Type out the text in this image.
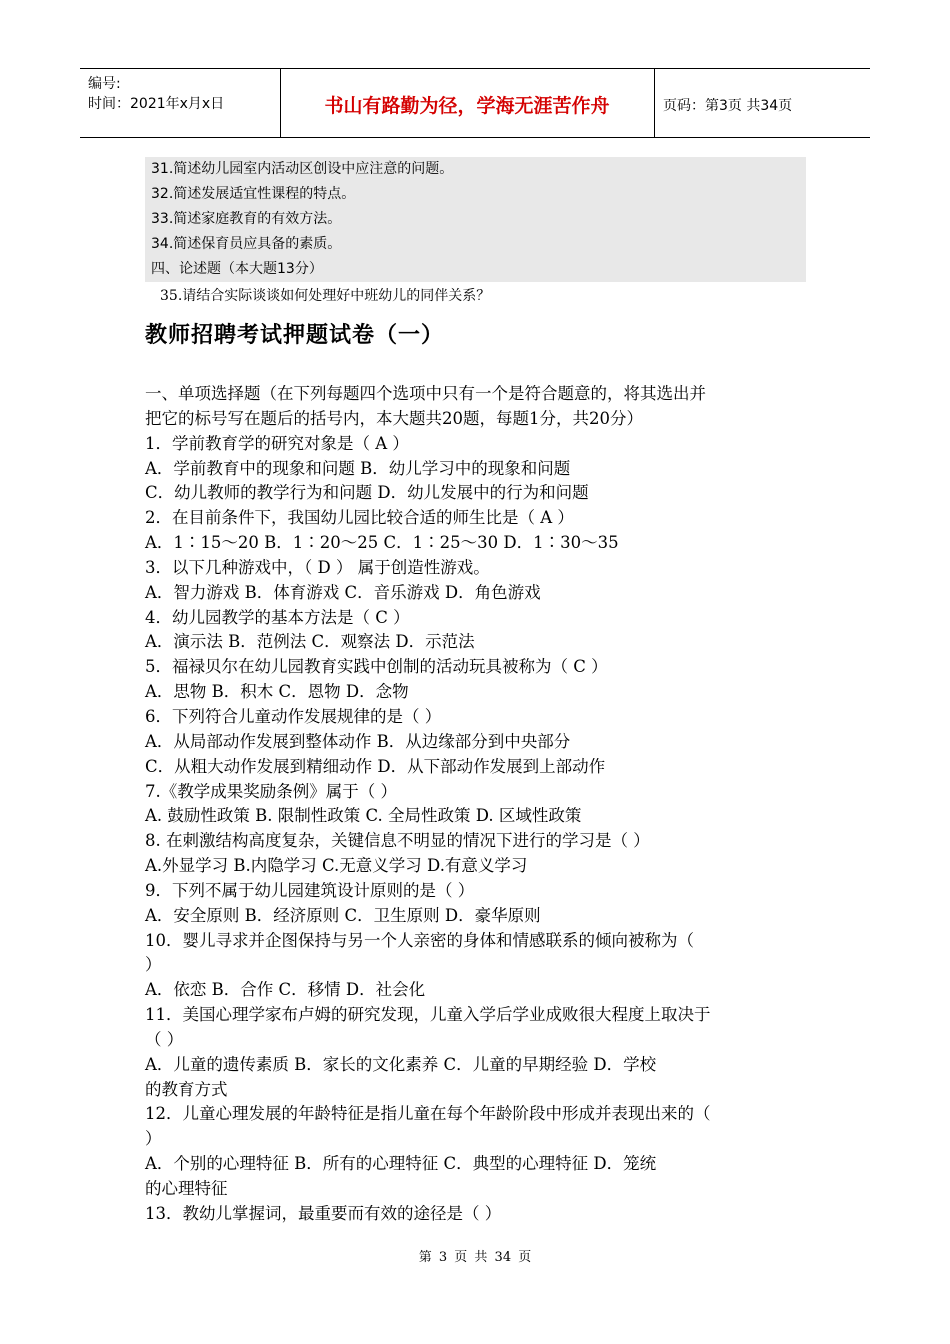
编号:
时间：2021年x月x日	书山有路勤为径，学海无涯苦作舟	页码：第3页 共34页
31.简述幼儿园室内活动区创设中应注意的问题。
32.简述发展适宜性课程的特点。
33.简述家庭教育的有效方法。
34.简述保育员应具备的素质。
四、论述题（本大题13分）
35.请结合实际谈谈如何处理好中班幼儿的同伴关系？
教师招聘考试押题试卷（一）
一、单项选择题（在下列每题四个选项中只有一个是符合题意的，将其选出并
把它的标号写在题后的括号内，本大题共20题，每题1分，共20分）
1．学前教育学的研究对象是（ A ）
A．学前教育中的现象和问题 B．幼儿学习中的现象和问题
C．幼儿教师的教学行为和问题 D．幼儿发展中的行为和问题
2．在目前条件下，我国幼儿园比较合适的师生比是（ A ）
A．1∶15～20 B．1∶20～25 C．1∶25～30 D．1∶30～35
3．以下几种游戏中，（ D ） 属于创造性游戏。
A．智力游戏 B．体育游戏 C．音乐游戏 D．角色游戏
4．幼儿园教学的基本方法是（ C ）
A．演示法 B．范例法 C．观察法 D．示范法
5．福禄贝尔在幼儿园教育实践中创制的活动玩具被称为（ C ）
A．思物 B．积木 C．恩物 D．念物
6．下列符合儿童动作发展规律的是（ ）
A．从局部动作发展到整体动作 B．从边缘部分到中央部分
C．从粗大动作发展到精细动作 D．从下部动作发展到上部动作
7.《教学成果奖励条例》属于（ ）
A. 鼓励性政策 B. 限制性政策 C. 全局性政策 D. 区域性政策
8. 在刺激结构高度复杂，关键信息不明显的情况下进行的学习是（ ）
A.外显学习 B.内隐学习 C.无意义学习 D.有意义学习
9．下列不属于幼儿园建筑设计原则的是（ ）
A．安全原则 B．经济原则 C．卫生原则 D．豪华原则
10．婴儿寻求并企图保持与另一个人亲密的身体和情感联系的倾向被称为（
）
A．依恋 B．合作 C．移情 D．社会化
11．美国心理学家布卢姆的研究发现，儿童入学后学业成败很大程度上取决于
（ ）
A．儿童的遗传素质 B．家长的文化素养 C．儿童的早期经验 D．学校
的教育方式
12．儿童心理发展的年龄特征是指儿童在每个年龄阶段中形成并表现出来的（
）
A．个别的心理特征 B．所有的心理特征 C．典型的心理特征 D．笼统
的心理特征
13．教幼儿掌握词，最重要而有效的途径是（ ）
第 3 页 共 34 页
